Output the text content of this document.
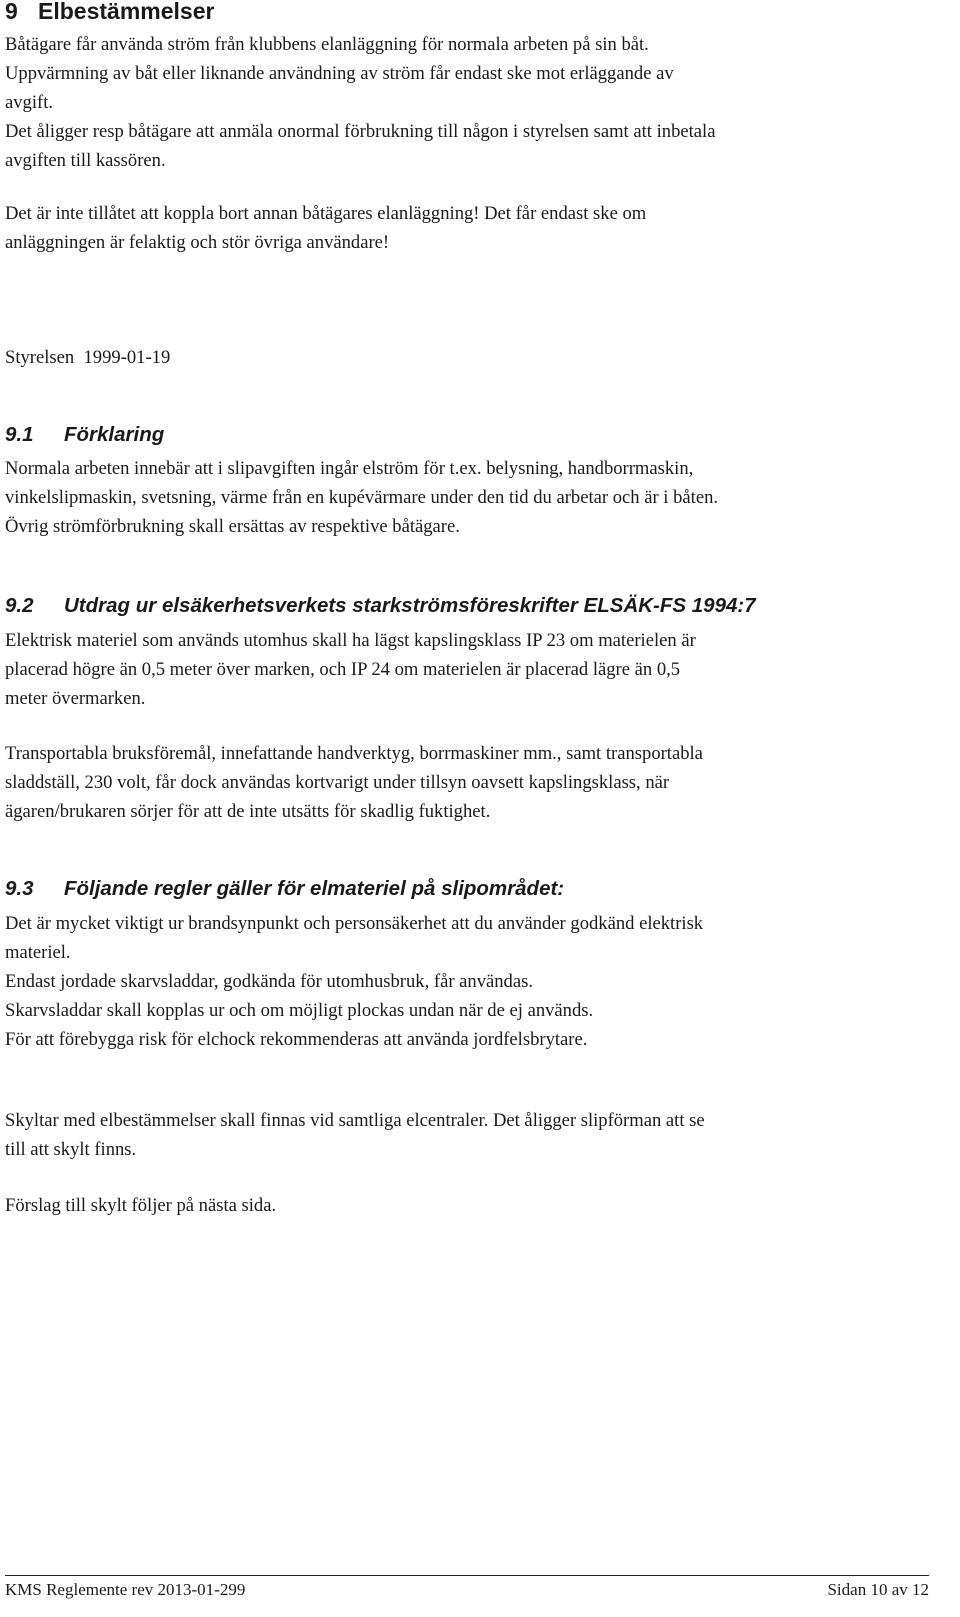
9 Elbestämmelser

Båtägare får använda ström från klubbens elanläggning för normala arbeten på sin båt.

Uppvärmning av båt eller liknande användning av ström får endast ske mot erläggande av

avgift.

Det åligger resp båtägare att anmäla onormal förbrukning till någon i styrelsen samt att inbetala

avgiften till kassören.

Det är inte tillåtet att koppla bort annan båtägares elanläggning! Det får endast ske om

anläggningen är felaktig och stör övriga användare!

Styrelsen  1999-01-19

9.1 Förklaring

Normala arbeten innebär att i slipavgiften ingår elström för t.ex. belysning, handborrmaskin,

vinkelslipmaskin, svetsning, värme från en kupévärmare under den tid du arbetar och är i båten.

Övrig strömförbrukning skall ersättas av respektive båtägare.

9.2 Utdrag ur elsäkerhetsverkets starkströmsföreskrifter ELSÄK-FS 1994:7

Elektrisk materiel som används utomhus skall ha lägst kapslingsklass IP 23 om materielen är

placerad högre än 0,5 meter över marken, och IP 24 om materielen är placerad lägre än 0,5

meter övermarken.

Transportabla bruksföremål, innefattande handverktyg, borrmaskiner mm., samt transportabla

sladdställ, 230 volt, får dock användas kortvarigt under tillsyn oavsett kapslingsklass, när

ägaren/brukaren sörjer för att de inte utsätts för skadlig fuktighet.

9.3 Följande regler gäller för elmateriel på slipområdet:

Det är mycket viktigt ur brandsynpunkt och personsäkerhet att du använder godkänd elektrisk

materiel.

Endast jordade skarvsladdar, godkända för utomhusbruk, får användas.

Skarvsladdar skall kopplas ur och om möjligt plockas undan när de ej används.

För att förebygga risk för elchock rekommenderas att använda jordfelsbrytare.

Skyltar med elbestämmelser skall finnas vid samtliga elcentraler. Det åligger slipförman att se

till att skylt finns.

Förslag till skylt följer på nästa sida.

KMS Reglemente rev 2013-01-299	Sidan 10 av 12
